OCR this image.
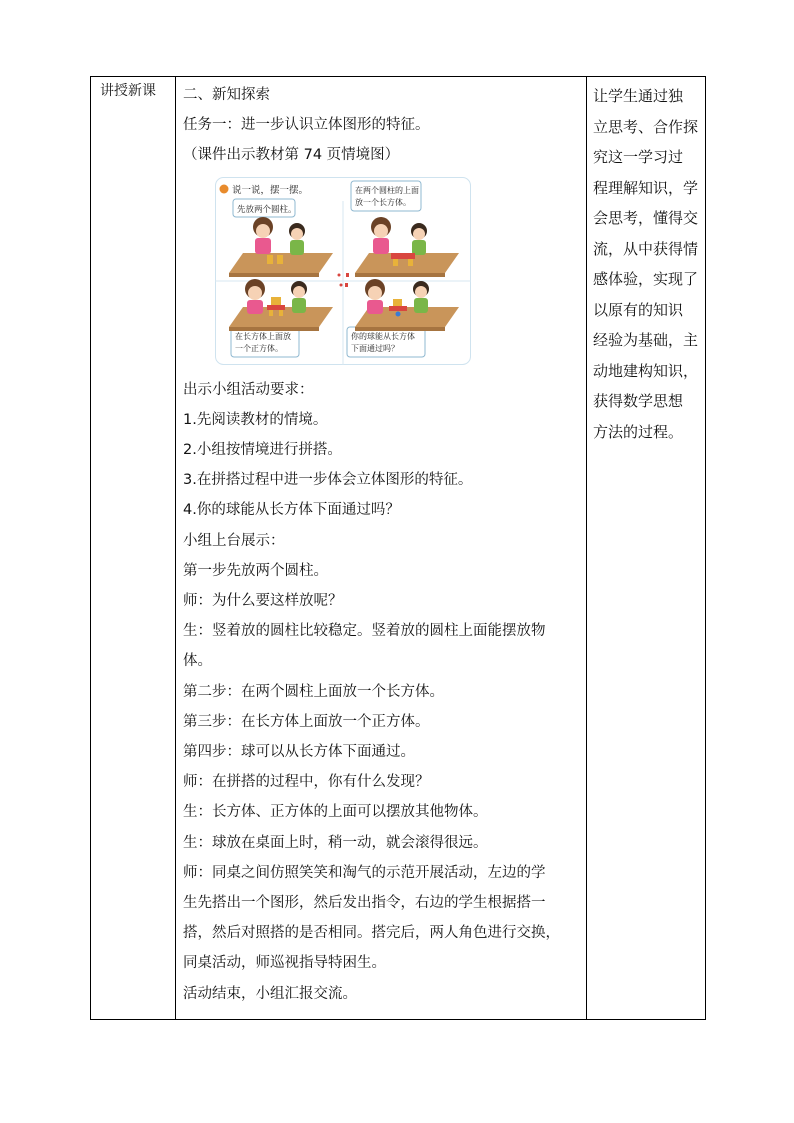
讲授新课	二、新知探索
任务一：进一步认识立体图形的特征。
（课件出示教材第 74 页情境图）
说一说，摆一摆。
先放两个圆柱。
在两个圆柱的上面 放一个长方体。
在长方体上面放 一个正方体。
你的球能从长方体 下面通过吗？
出示小组活动要求：
1.先阅读教材的情境。
2.小组按情境进行拼搭。
3.在拼搭过程中进一步体会立体图形的特征。
4.你的球能从长方体下面通过吗？
小组上台展示：
第一步先放两个圆柱。
师：为什么要这样放呢？
生：竖着放的圆柱比较稳定。竖着放的圆柱上面能摆放物
体。
第二步：在两个圆柱上面放一个长方体。
第三步：在长方体上面放一个正方体。
第四步：球可以从长方体下面通过。
师：在拼搭的过程中，你有什么发现？
生：长方体、正方体的上面可以摆放其他物体。
生：球放在桌面上时，稍一动，就会滚得很远。
师：同桌之间仿照笑笑和淘气的示范开展活动，左边的学
生先搭出一个图形，然后发出指令，右边的学生根据搭一
搭，然后对照搭的是否相同。搭完后，两人角色进行交换，
同桌活动，师巡视指导特困生。
活动结束，小组汇报交流。

让学生通过独
立思考、合作探
究这一学习过
程理解知识，学
会思考，懂得交
流，从中获得情
感体验，实现了
以原有的知识
经验为基础，主
动地建构知识，
获得数学思想
方法的过程。
